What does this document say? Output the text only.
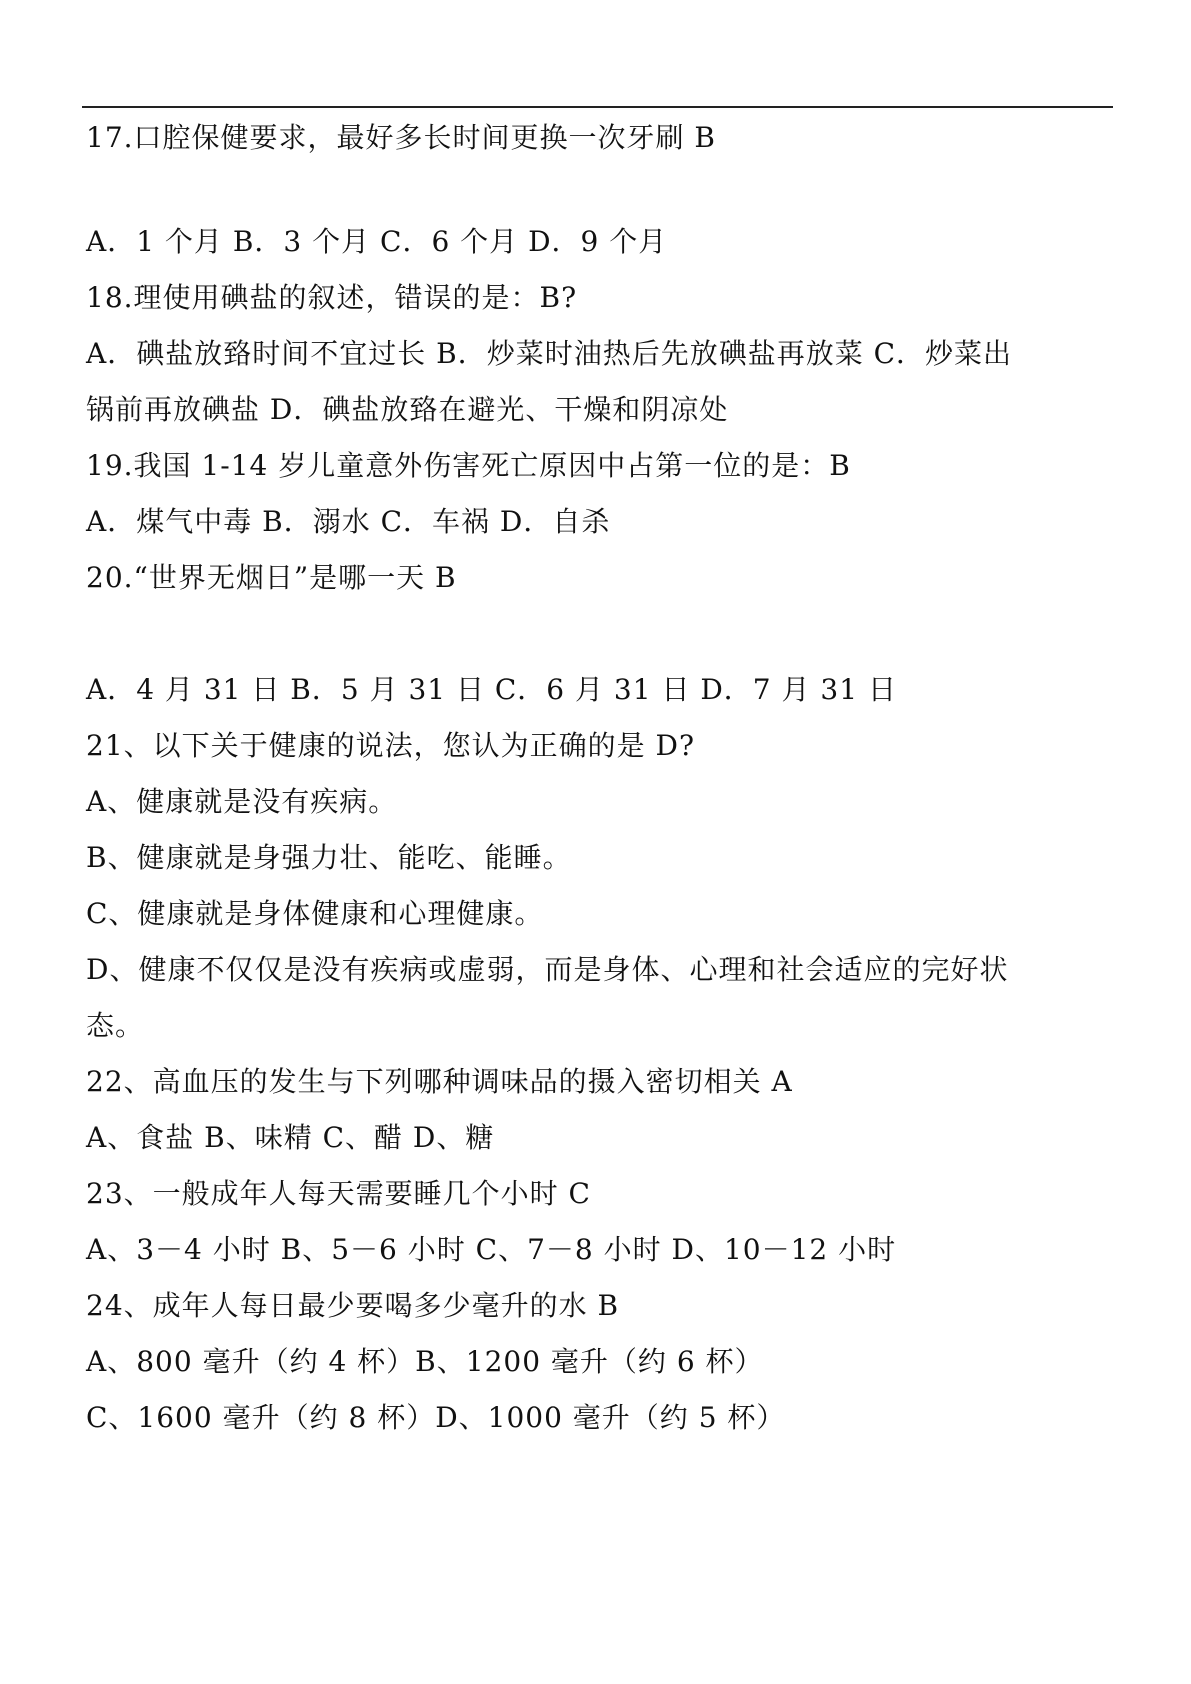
17.口腔保健要求，最好多长时间更换一次牙刷 B
A．1 个月 B．3 个月 C．6 个月 D．9 个月
18.理使用碘盐的叙述，错误的是：B?
A．碘盐放臵时间不宜过长 B．炒菜时油热后先放碘盐再放菜 C．炒菜出
锅前再放碘盐 D．碘盐放臵在避光、干燥和阴凉处
19.我国 1-14 岁儿童意外伤害死亡原因中占第一位的是：B
A．煤气中毒 B．溺水 C．车祸 D．自杀
20.“世界无烟日”是哪一天 B
A．4 月 31 日 B．5 月 31 日 C．6 月 31 日 D．7 月 31 日
21、以下关于健康的说法，您认为正确的是 D?
A、健康就是没有疾病。
B、健康就是身强力壮、能吃、能睡。
C、健康就是身体健康和心理健康。
D、健康不仅仅是没有疾病或虚弱，而是身体、心理和社会适应的完好状
态。
22、高血压的发生与下列哪种调味品的摄入密切相关 A
A、食盐 B、味精 C、醋 D、糖
23、一般成年人每天需要睡几个小时 C
A、3－4 小时 B、5－6 小时 C、7－8 小时 D、10－12 小时
24、成年人每日最少要喝多少毫升的水 B
A、800 毫升（约 4 杯）B、1200 毫升（约 6 杯）
C、1600 毫升（约 8 杯）D、1000 毫升（约 5 杯）
